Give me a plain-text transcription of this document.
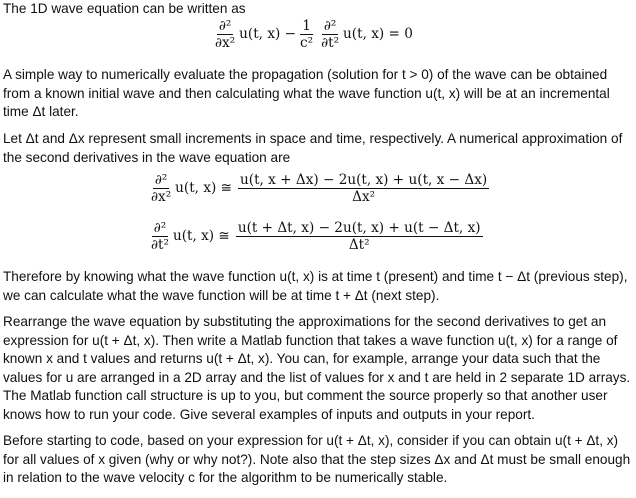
The 1D wave equation can be written as

$\frac{\text{∂²}}{\text{∂x²}} u(t$, $x) - \frac{1}{\text{c²}} \frac{\text{∂²}}{\text{∂t²}} u(t$, x) = 0

A simple way to numerically evaluate the propagation (solution for t > 0) of the wave can be obtained from a known initial wave and then calculating what the wave function u(t, x) will be at an incremental time Δt later.

Let Δt and Δx represent small increments in space and time, respectively. A numerical approximation of the second derivatives in the wave equation are

$\frac{\text{∂²}}{\text{∂x²}} u(t$, x) ≅ $\frac{u(t, x + \Delta x) - 2u(t, x) + u(t, x - \Delta x)}{\text{Δx²}}$
$\frac{\text{∂²}}{\text{∂t²}} u(t$, x) ≅ $\frac{u(t + \Delta t, x) - 2u(t, x) + u(t - \Delta t, x)}{\text{Δt²}}$

Therefore by knowing what the wave function u(t, x) is at time t (present) and time t − Δt (previous step), we can calculate what the wave function will be at time t + Δt (next step).

Rearrange the wave equation by substituting the approximations for the second derivatives to get an expression for u(t + Δt, x). Then write a Matlab function that takes a wave function u(t, x) for a range of known x and t values and returns u(t + Δt, x). You can, for example, arrange your data such that the values for u are arranged in a 2D array and the list of values for x and t are held in 2 separate 1D arrays. The Matlab function call structure is up to you, but comment the source properly so that another user knows how to run your code. Give several examples of inputs and outputs in your report.

Before starting to code, based on your expression for u(t + Δt, x), consider if you can obtain u(t + Δt, x) for all values of x given (why or why not?). Note also that the step sizes Δx and Δt must be small enough in relation to the wave velocity c for the algorithm to be numerically stable.
